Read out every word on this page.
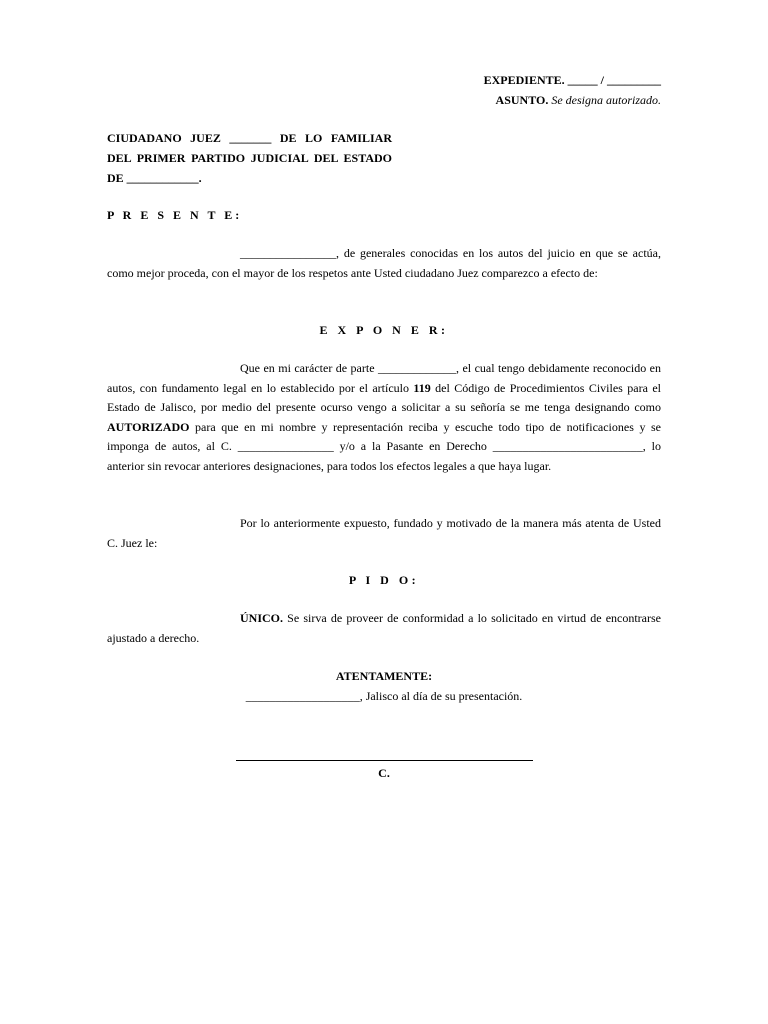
EXPEDIENTE. _____ / _________
ASUNTO. Se designa autorizado.
CIUDADANO JUEZ _______ DE LO FAMILIAR DEL PRIMER PARTIDO JUDICIAL DEL ESTADO DE ____________.
P R E S E N T E:
________________, de generales conocidas en los autos del juicio en que se actúa, como mejor proceda, con el mayor de los respetos ante Usted ciudadano Juez comparezco a efecto de:
E X P O N E R:
Que en mi carácter de parte _____________, el cual tengo debidamente reconocido en autos, con fundamento legal en lo establecido por el artículo 119 del Código de Procedimientos Civiles para el Estado de Jalisco, por medio del presente ocurso vengo a solicitar a su señoría se me tenga designando como AUTORIZADO para que en mi nombre y representación reciba y escuche todo tipo de notificaciones y se imponga de autos, al C. ________________ y/o a la Pasante en Derecho _________________________, lo anterior sin revocar anteriores designaciones, para todos los efectos legales a que haya lugar.
Por lo anteriormente expuesto, fundado y motivado de la manera más atenta de Usted C. Juez le:
P I D O:
ÚNICO. Se sirva de proveer de conformidad a lo solicitado en virtud de encontrarse ajustado a derecho.
ATENTAMENTE:
___________________, Jalisco al día de su presentación.
C.
